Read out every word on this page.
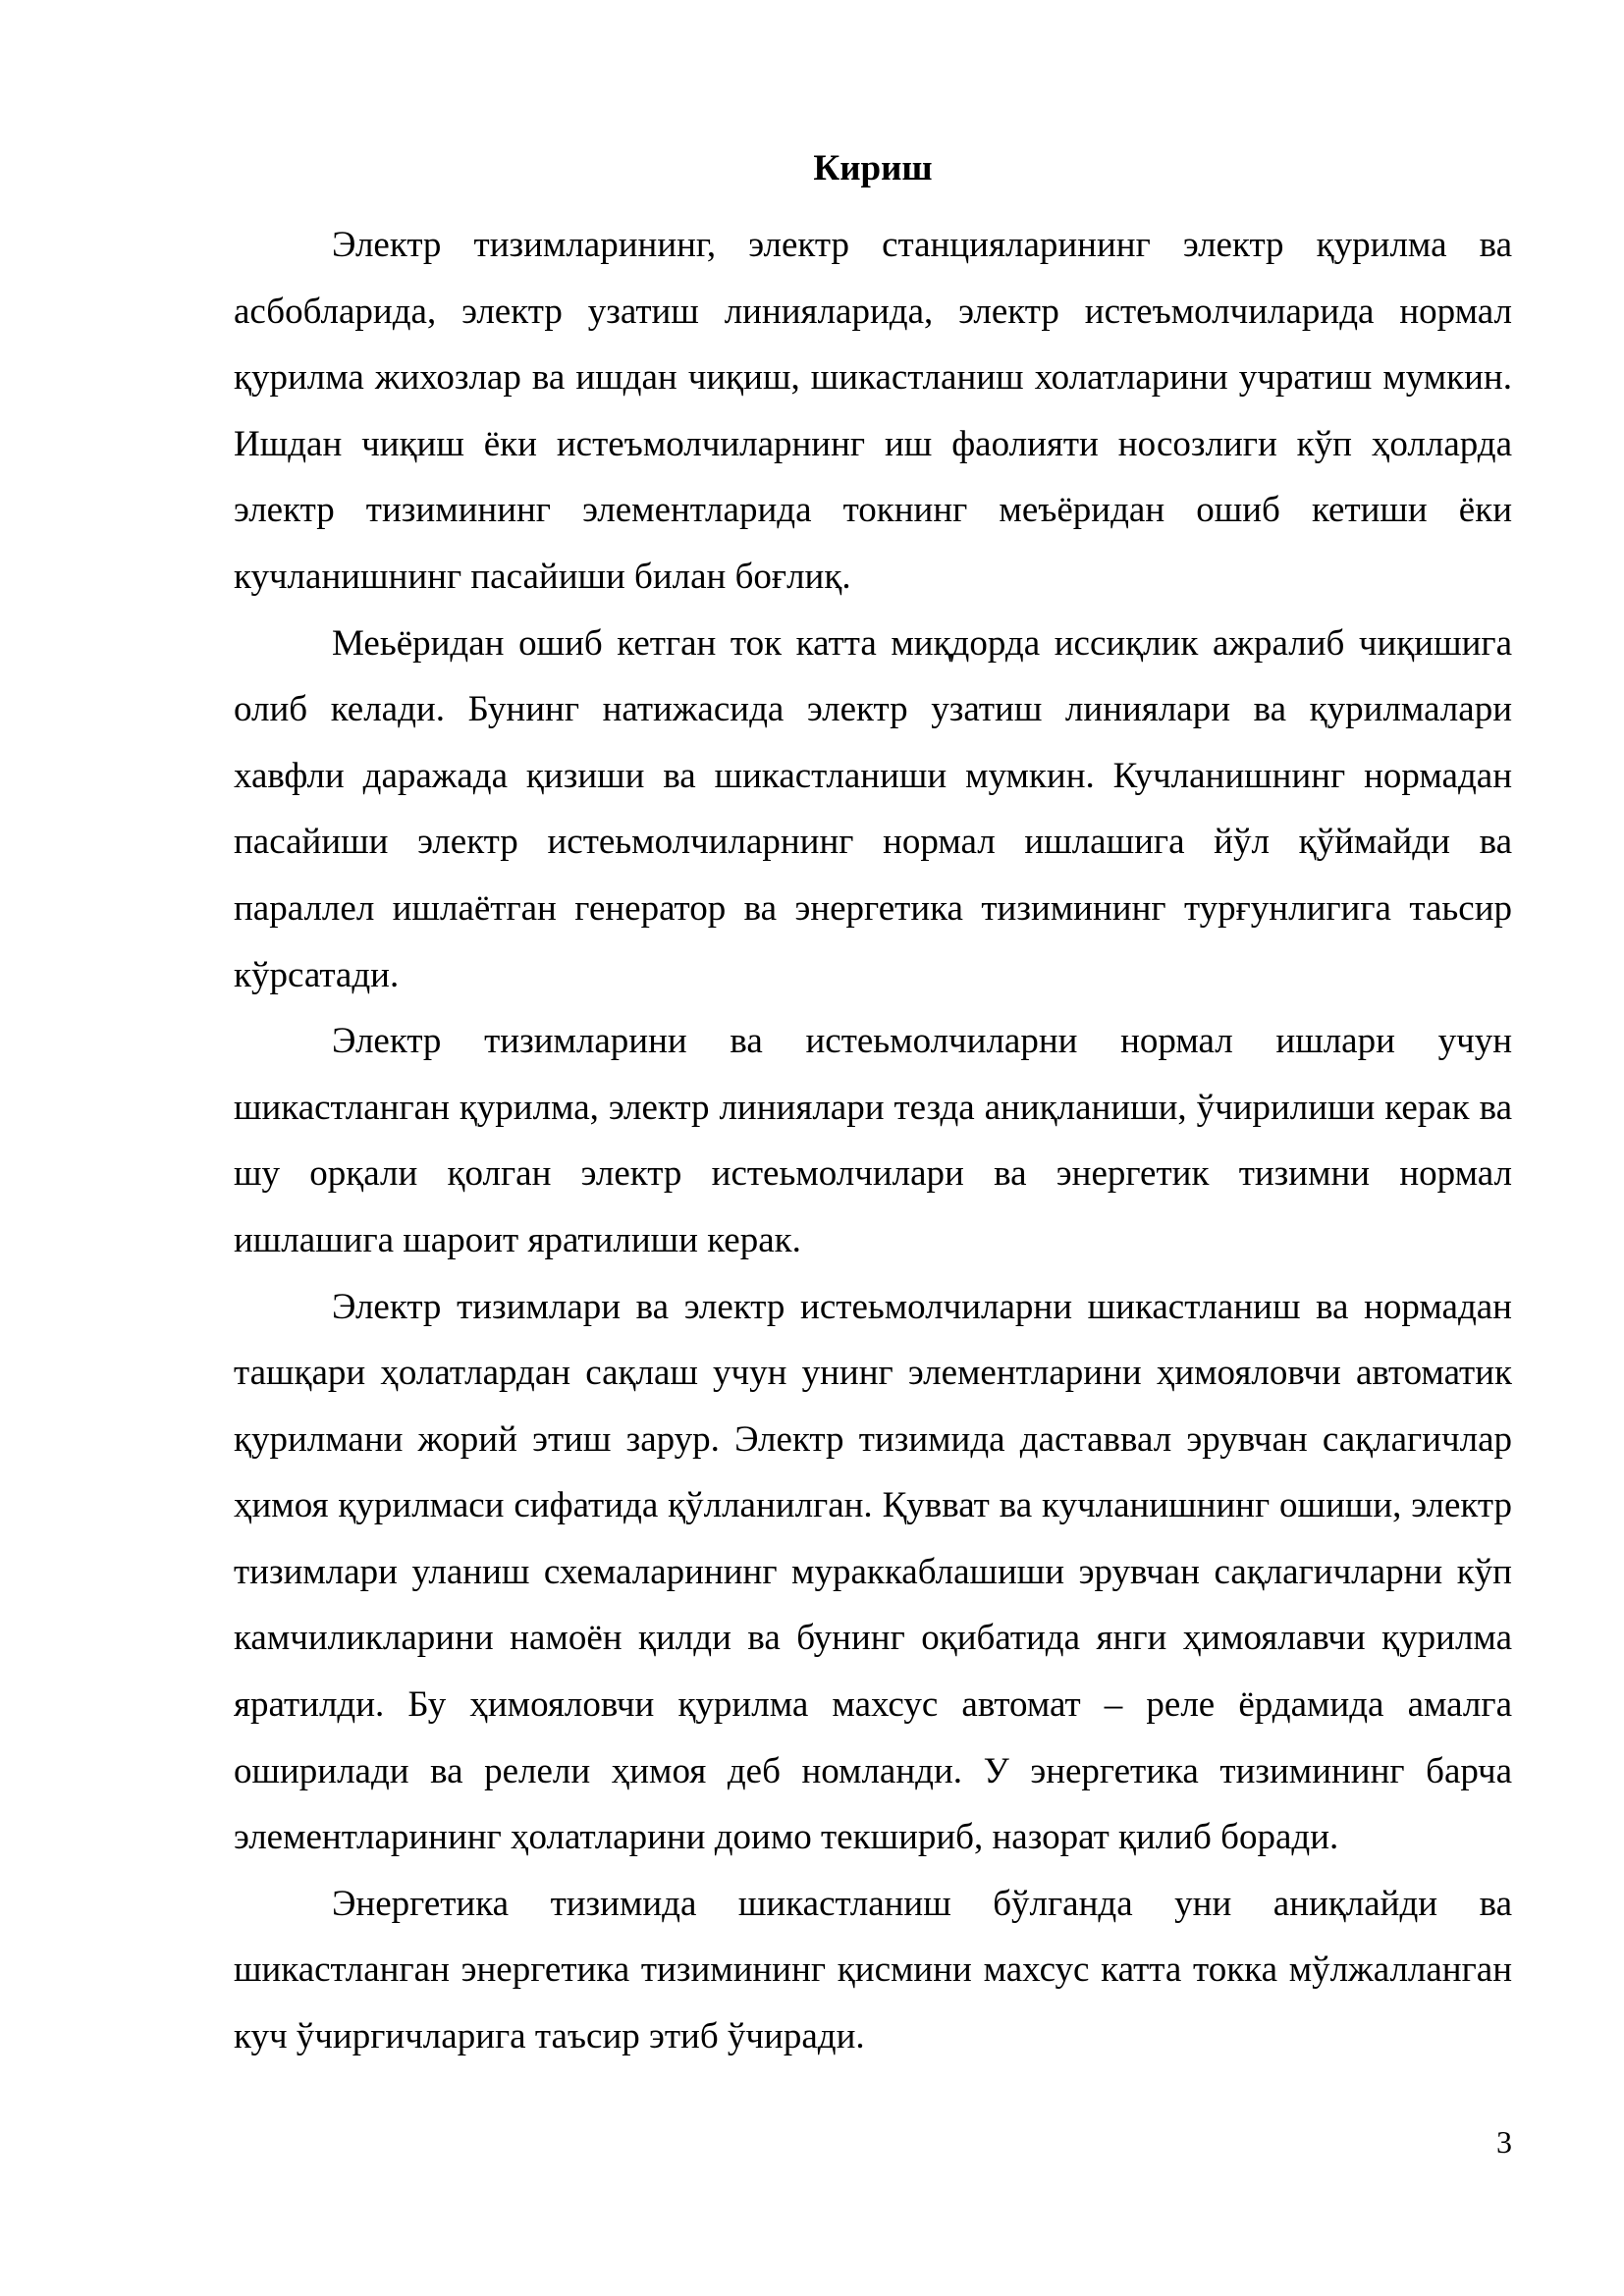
Кириш

Электр тизимларининг, электр станцияларининг электр қурилма ва асбобларида, электр узатиш линияларида, электр истеъмолчиларида нормал қурилма жихозлар ва ишдан чиқиш, шикастланиш холатларини учратиш мумкин. Ишдан чиқиш ёки истеъмолчиларнинг иш фаолияти носозлиги кўп ҳолларда электр тизимининг элементларида токнинг меъёридан ошиб кетиши ёки кучланишнинг пасайиши билан боғлиқ.

Меьёридан ошиб кетган ток катта миқдорда иссиқлик ажралиб чиқишига олиб келади. Бунинг натижасида электр узатиш линиялари ва қурилмалари хавфли даражада қизиши ва шикастланиши мумкин. Кучланишнинг нормадан пасайиши электр истеьмолчиларнинг нормал ишлашига йўл қўймайди ва параллел ишлаётган генератор ва энергетика тизимининг турғунлигига таьсир кўрсатади.

Электр тизимларини ва истеьмолчиларни нормал ишлари учун шикастланган қурилма, электр линиялари тезда аниқланиши, ўчирилиши керак ва шу орқали қолган электр истеьмолчилари ва энергетик тизимни нормал ишлашига шароит яратилиши керак.

Электр тизимлари ва электр истеьмолчиларни шикастланиш ва нормадан ташқари ҳолатлардан сақлаш учун унинг элементларини ҳимояловчи автоматик қурилмани жорий этиш зарур. Электр тизимида даставвал эрувчан сақлагичлар ҳимоя қурилмаси сифатида қўлланилган. Қувват ва кучланишнинг ошиши, электр тизимлари уланиш схемаларининг мураккаблашиши эрувчан сақлагичларни кўп камчиликларини намоён қилди ва бунинг оқибатида янги ҳимоялавчи қурилма яратилди. Бу ҳимояловчи қурилма махсус автомат – реле ёрдамида амалга оширилади ва релели ҳимоя деб номланди. У энергетика тизимининг барча элементларининг ҳолатларини доимо текшириб, назорат қилиб боради.

Энергетика тизимида шикастланиш бўлганда уни аниқлайди ва шикастланган энергетика тизимининг қисмини махсус катта токка мўлжалланган куч ўчиргичларига таъсир этиб ўчиради.

3
